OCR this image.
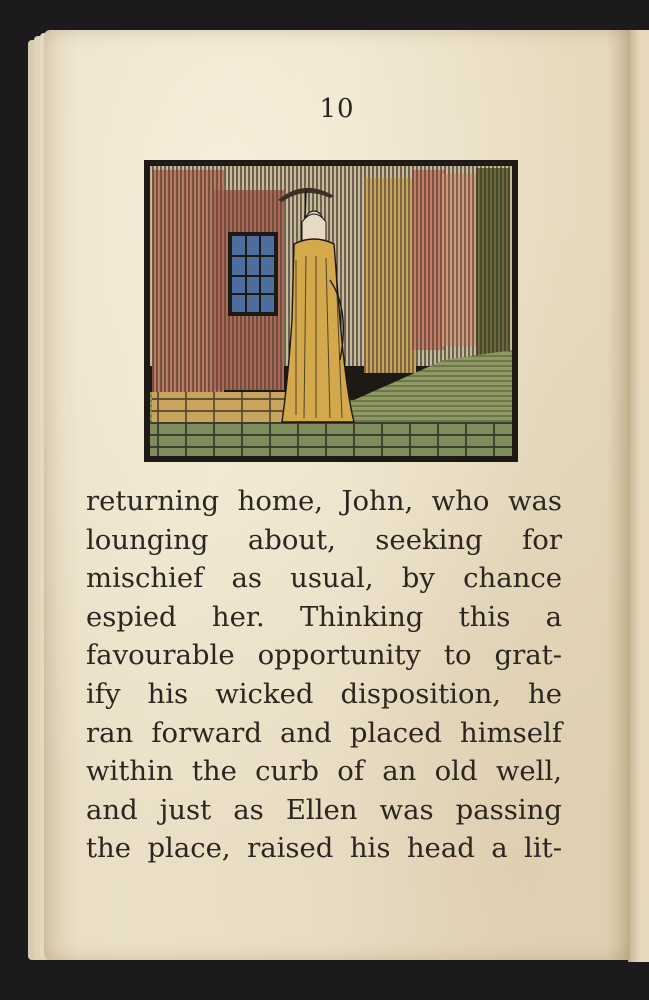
10
returning home, John, who was
lounging about, seeking for
mischief as usual, by chance
espied her. Thinking this a
favourable opportunity to grat-
ify his wicked disposition, he
ran forward and placed himself
within the curb of an old well,
and just as Ellen was passing
the place, raised his head a lit-
